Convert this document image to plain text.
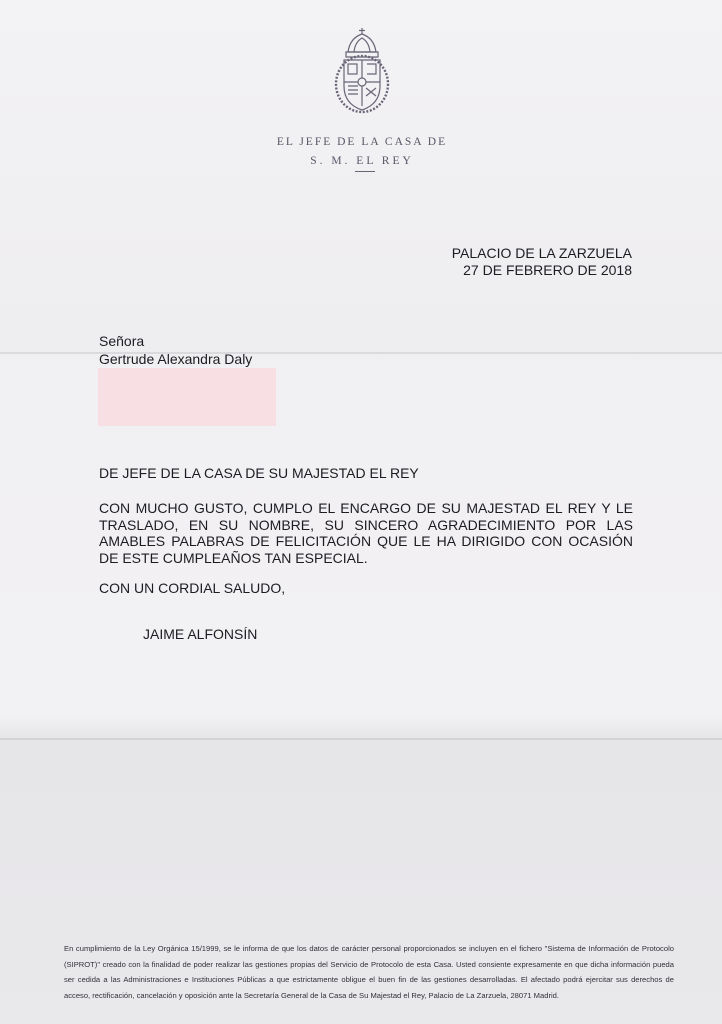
EL JEFE DE LA CASA DE
S. M. EL REY
PALACIO DE LA ZARZUELA
27 DE FEBRERO DE 2018
Señora
Gertrude Alexandra Daly
DE JEFE DE LA CASA DE SU MAJESTAD EL REY
CON MUCHO GUSTO, CUMPLO EL ENCARGO DE SU MAJESTAD EL REY Y LE TRASLADO, EN SU NOMBRE, SU SINCERO AGRADECIMIENTO POR LAS AMABLES PALABRAS DE FELICITACIÓN QUE LE HA DIRIGIDO CON OCASIÓN DE ESTE CUMPLEAÑOS TAN ESPECIAL.
CON UN CORDIAL SALUDO,
JAIME ALFONSÍN
En cumplimiento de la Ley Orgánica 15/1999, se le informa de que los datos de carácter personal proporcionados se incluyen en el fichero "Sistema de Información de Protocolo (SIPROT)" creado con la finalidad de poder realizar las gestiones propias del Servicio de Protocolo de esta Casa. Usted consiente expresamente en que dicha información pueda ser cedida a las Administraciones e Instituciones Públicas a que estrictamente obligue el buen fin de las gestiones desarrolladas. El afectado podrá ejercitar sus derechos de acceso, rectificación, cancelación y oposición ante la Secretaría General de la Casa de Su Majestad el Rey, Palacio de La Zarzuela, 28071 Madrid.
